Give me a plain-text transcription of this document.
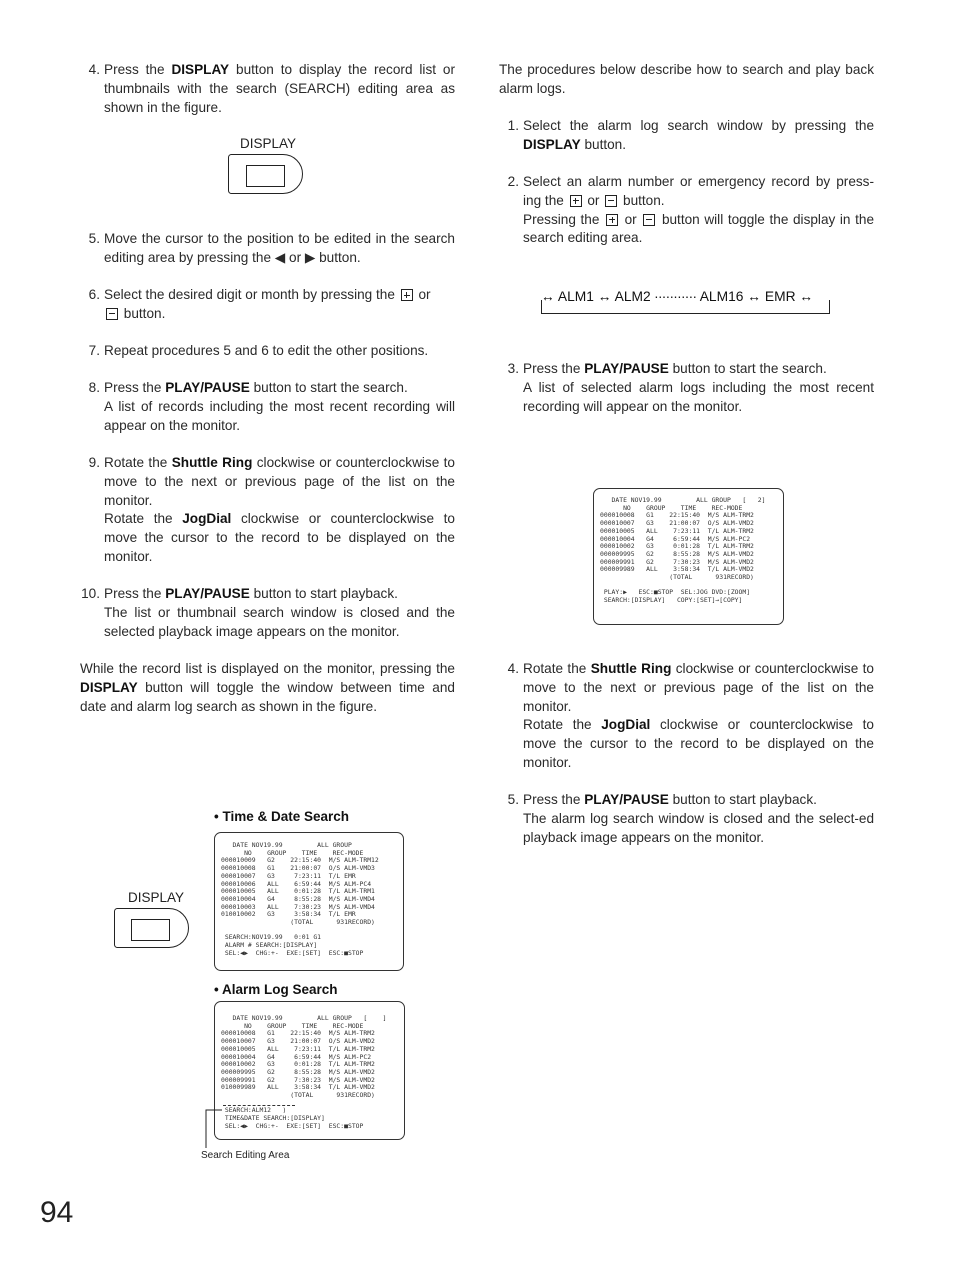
4. Press the DISPLAY button to display the record list or thumbnails with the search (SEARCH) editing area as shown in the figure.
DISPLAY
5. Move the cursor to the position to be edited in the search editing area by pressing the ◀ or ▶ button.
6. Select the desired digit or month by pressing the  or
button.
7. Repeat procedures 5 and 6 to edit the other positions.
8. Press the PLAY/PAUSE button to start the search.
A list of records including the most recent recording will appear on the monitor.
9. Rotate the Shuttle Ring clockwise or counterclockwise to move to the next or previous page of the list on the monitor.
Rotate the JogDial clockwise or counterclockwise to move the cursor to the record to be displayed on the monitor.
10. Press the PLAY/PAUSE button to start playback.
The list or thumbnail search window is closed and the selected playback image appears on the monitor.
While the record list is displayed on the monitor, pressing the DISPLAY button will toggle the window between time and date and alarm log search as shown in the figure.
• Time & Date Search
DATE NOV19.99         ALL GROUP
NO    GROUP    TIME    REC-MODE
000010009   G2    22:15:40  M/S ALM-TRM12
000010008   G1    21:00:07  O/S ALM-VMD3
000010007   G3     7:23:11  T/L EMR
000010006   ALL    6:59:44  M/S ALM-PC4
000010005   ALL    0:01:28  T/L ALM-TRM1
000010004   G4     8:55:28  M/S ALM-VMD4
000010003   ALL    7:30:23  M/S ALM-VMD4
010010002   G3     3:58:34  T/L EMR
(TOTAL      931RECORD)

SEARCH:NOV19.99   0:01 G1
ALARM # SEARCH:[DISPLAY]
SEL:◀▶  CHG:+-  EXE:[SET]  ESC:■STOP
DISPLAY
• Alarm Log Search
DATE NOV19.99         ALL GROUP   [    ]
NO    GROUP    TIME    REC-MODE
000010008   G1    22:15:40  M/S ALM-TRM2
000010007   G3    21:00:07  O/S ALM-VMD2
000010005   ALL    7:23:11  T/L ALM-TRM2
000010004   G4     6:59:44  M/S ALM-PC2
000010002   G3     0:01:28  T/L ALM-TRM2
000009995   G2     8:55:28  M/S ALM-VMD2
000009991   G2     7:30:23  M/S ALM-VMD2
010009989   ALL    3:58:34  T/L ALM-VMD2
(TOTAL      931RECORD)

SEARCH:ALM12   )
TIME&DATE SEARCH:[DISPLAY]
SEL:◀▶  CHG:+-  EXE:[SET]  ESC:■STOP
Search Editing Area
The procedures below describe how to search and play back alarm logs.
1. Select the alarm log search window by pressing the DISPLAY button.
2. Select an alarm number or emergency record by press-ing the  or  button.
Pressing the  or  button will toggle the display in the search editing area.
↔ ALM1 ↔ ALM2 ∙∙∙∙∙∙∙∙∙∙∙ ALM16 ↔ EMR ↔
3. Press the PLAY/PAUSE button to start the search.
A list of selected alarm logs including the most recent recording will appear on the monitor.
DATE NOV19.99         ALL GROUP   [   2]
NO    GROUP    TIME    REC-MODE
000010008   G1    22:15:40  M/S ALM-TRM2
000010007   G3    21:00:07  O/S ALM-VMD2
000010005   ALL    7:23:11  T/L ALM-TRM2
000010004   G4     6:59:44  M/S ALM-PC2
000010002   G3     0:01:28  T/L ALM-TRM2
000009995   G2     8:55:28  M/S ALM-VMD2
000009991   G2     7:30:23  M/S ALM-VMD2
000009989   ALL    3:58:34  T/L ALM-VMD2
(TOTAL      931RECORD)

PLAY:▶   ESC:■STOP  SEL:JOG DVD:[ZOOM]
SEARCH:[DISPLAY]   COPY:[SET]→[COPY]
4. Rotate the Shuttle Ring clockwise or counterclockwise to move to the next or previous page of the list on the monitor.
Rotate the JogDial clockwise or counterclockwise to move the cursor to the record to be displayed on the monitor.
5. Press the PLAY/PAUSE button to start playback.
The alarm log search window is closed and the select-ed playback image appears on the monitor.
94
